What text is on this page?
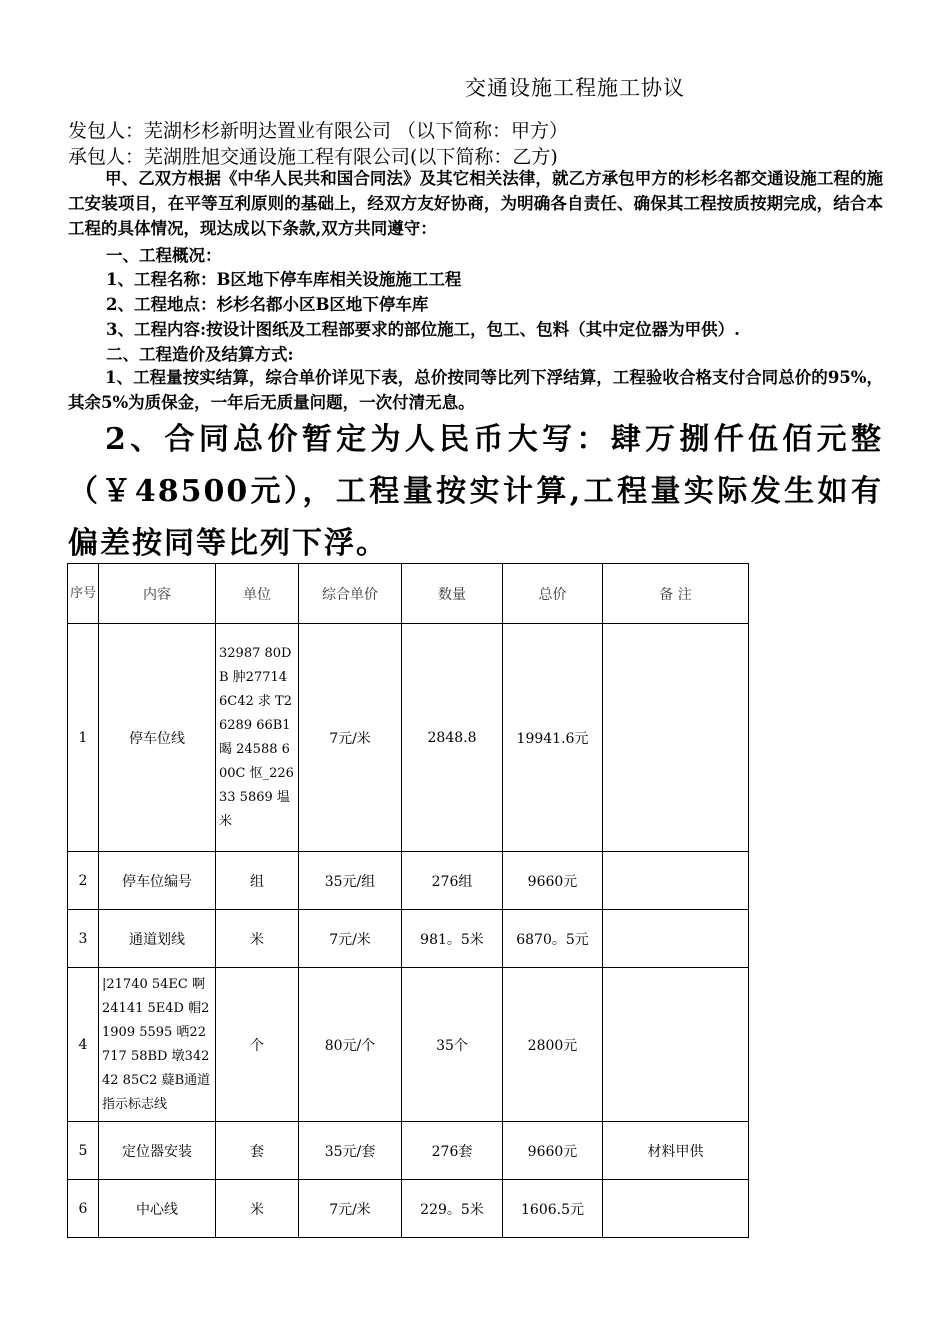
交通设施工程施工协议
发包人：芜湖杉杉新明达置业有限公司 （以下简称：甲方）
承包人：芜湖胜旭交通设施工程有限公司(以下简称：乙方)
甲、乙双方根据《中华人民共和国合同法》及其它相关法律，就乙方承包甲方的杉杉名都交通设施工程的施工安装项目，在平等互利原则的基础上，经双方友好协商，为明确各自责任、确保其工程按质按期完成，结合本工程的具体情况，现达成以下条款,双方共同遵守：
一、工程概况：
1、工程名称：B区地下停车库相关设施施工工程
2、工程地点：杉杉名都小区B区地下停车库
3、工程内容:按设计图纸及工程部要求的部位施工，包工、包料（其中定位器为甲供）.
二、工程造价及结算方式:
1、工程量按实结算，综合单价详见下表，总价按同等比列下浮结算，工程验收合格支付合同总价的95%，其余5%为质保金，一年后无质量问题，一次付清无息。
2、合同总价暂定为人民币大写：肆万捌仟伍佰元整（￥48500元），工程量按实计算,工程量实际发生如有偏差按同等比列下浮。
序号	内容	单位	综合单价	数量	总价	备 注
1	停车位线	32987 80DB 肿27714 6C42 求 T26289 66B1 暍 24588 600C 怄_22633 5869 塭米	7元/米	2848.8	19941.6元	
2	停车位编号	组	35元/组	276组	9660元	
3	通道划线	米	7元/米	981。5米	6870。5元	
4	|21740 54EC 啊24141 5E4D 帽21909 5595 哂22717 58BD 墩34242 85C2 薿B通道指示标志线	个	80元/个	35个	2800元	
5	定位器安装	套	35元/套	276套	9660元	材料甲供
6	中心线	米	7元/米	229。5米	1606.5元	
